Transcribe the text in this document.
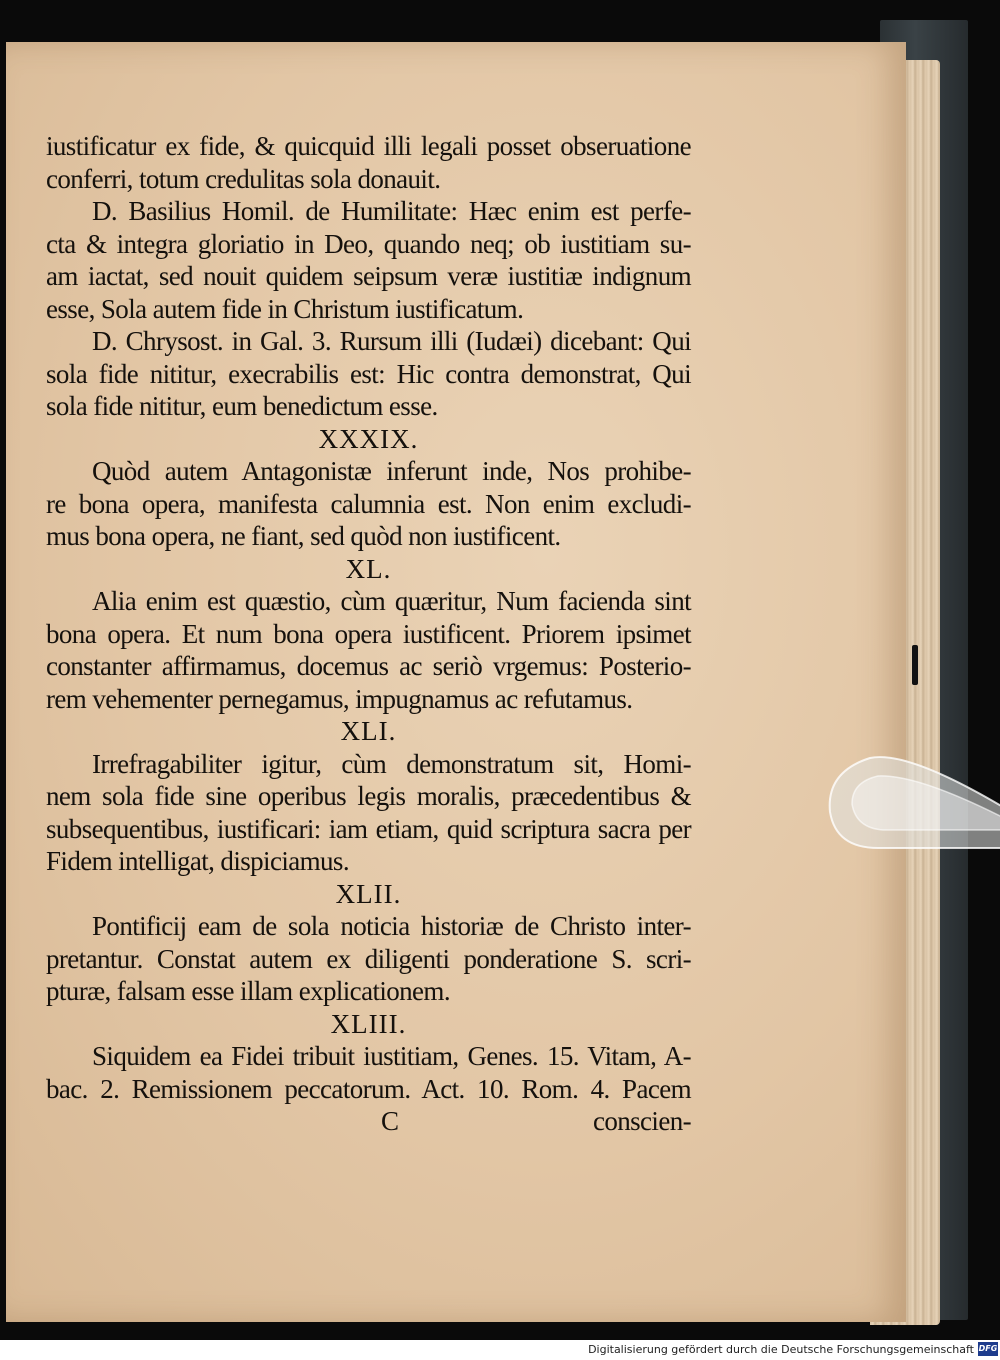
iustificatur ex fide, & quicquid illi legali posset obseruatione
conferri, totum credulitas sola donauit.
D. Basilius Homil. de Humilitate: Hæc enim est perfe-
cta & integra gloriatio in Deo, quando neq; ob iustitiam su-
am iactat, sed nouit quidem seipsum veræ iustitiæ indignum
esse, Sola autem fide in Christum iustificatum.
D. Chrysost. in Gal. 3. Rursum illi (Iudæi) dicebant: Qui
sola fide nititur, execrabilis est: Hic contra demonstrat, Qui
sola fide nititur, eum benedictum esse.
XXXIX.
Quòd autem Antagonistæ inferunt inde, Nos prohibe-
re bona opera, manifesta calumnia est. Non enim excludi-
mus bona opera, ne fiant, sed quòd non iustificent.
XL.
Alia enim est quæstio, cùm quæritur, Num facienda sint
bona opera. Et num bona opera iustificent. Priorem ipsimet
constanter affirmamus, docemus ac seriò vrgemus: Posterio-
rem vehementer pernegamus, impugnamus ac refutamus.
XLI.
Irrefragabiliter igitur, cùm demonstratum sit, Homi-
nem sola fide sine operibus legis moralis, præcedentibus &
subsequentibus, iustificari: iam etiam, quid scriptura sacra per
Fidem intelligat, dispiciamus.
XLII.
Pontificij eam de sola noticia historiæ de Christo inter-
pretantur. Constat autem ex diligenti ponderatione S. scri-
pturæ, falsam esse illam explicationem.
XLIII.
Siquidem ea Fidei tribuit iustitiam, Genes. 15. Vitam, A-
bac. 2. Remissionem peccatorum. Act. 10. Rom. 4. Pacem
C	conscien-
Digitalisierung gefördert durch die Deutsche Forschungsgemeinschaft DFG
